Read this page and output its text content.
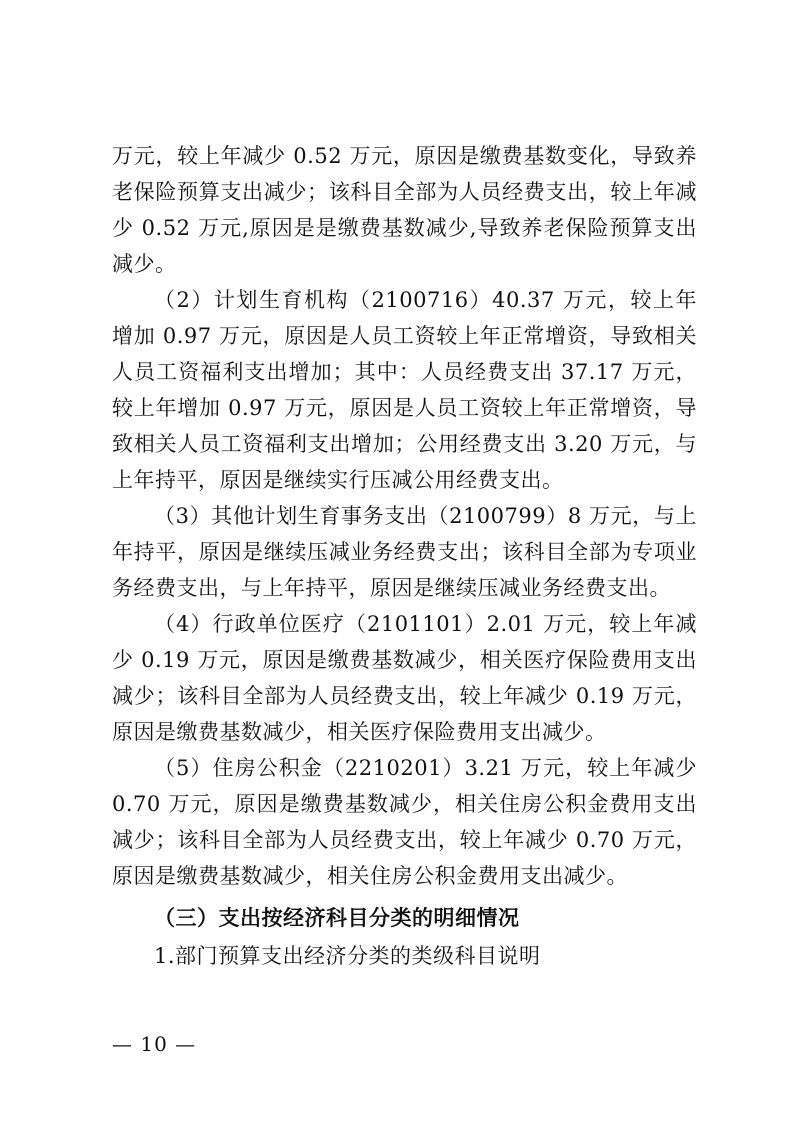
万元，较上年减少 0.52 万元，原因是缴费基数变化，导致养老保险预算支出减少；该科目全部为人员经费支出，较上年减少 0.52 万元,原因是是缴费基数减少,导致养老保险预算支出减少。

（2）计划生育机构（2100716）40.37 万元，较上年增加 0.97 万元，原因是人员工资较上年正常增资，导致相关人员工资福利支出增加；其中：人员经费支出 37.17 万元，较上年增加 0.97 万元，原因是人员工资较上年正常增资，导致相关人员工资福利支出增加；公用经费支出 3.20 万元，与上年持平，原因是继续实行压减公用经费支出。

（3）其他计划生育事务支出（2100799）8 万元，与上年持平，原因是继续压减业务经费支出；该科目全部为专项业务经费支出，与上年持平，原因是继续压减业务经费支出。

（4）行政单位医疗（2101101）2.01 万元，较上年减少 0.19 万元，原因是缴费基数减少，相关医疗保险费用支出减少；该科目全部为人员经费支出，较上年减少 0.19 万元，原因是缴费基数减少，相关医疗保险费用支出减少。

（5）住房公积金（2210201）3.21 万元，较上年减少 0.70 万元，原因是缴费基数减少，相关住房公积金费用支出减少；该科目全部为人员经费支出，较上年减少 0.70 万元，原因是缴费基数减少，相关住房公积金费用支出减少。

（三）支出按经济科目分类的明细情况

1.部门预算支出经济分类的类级科目说明

— 10 —
